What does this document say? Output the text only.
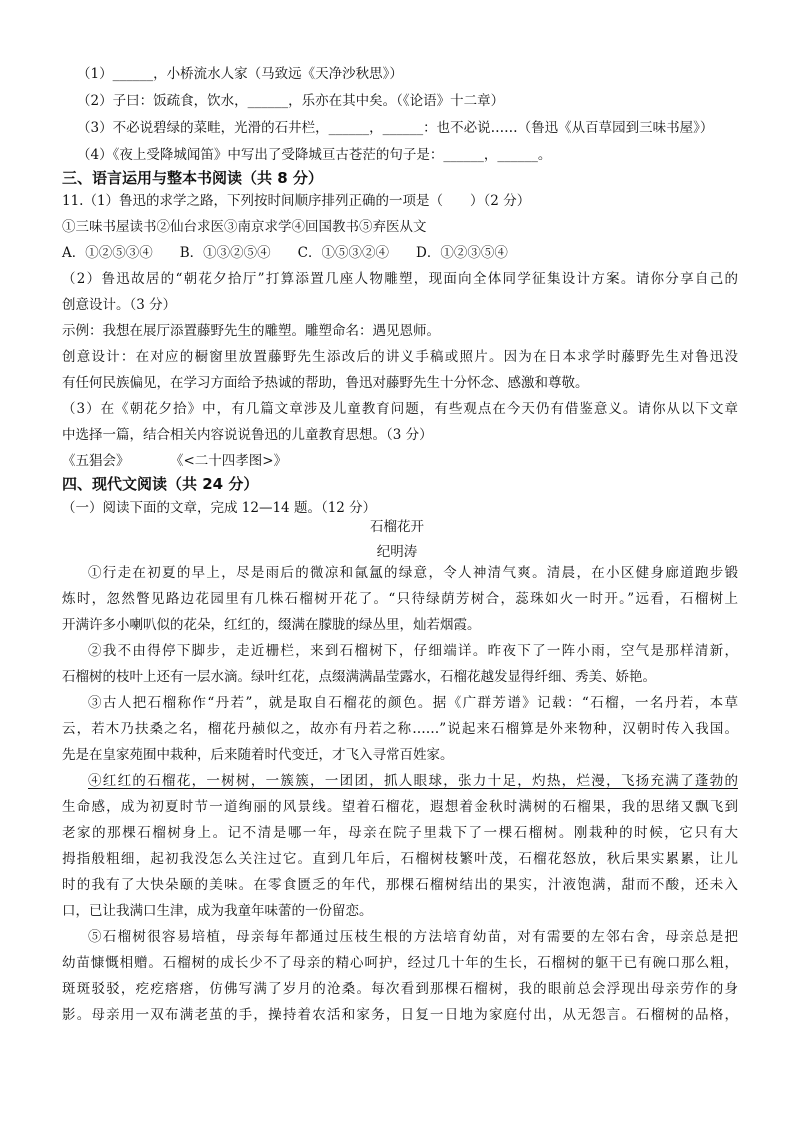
（1）______，小桥流水人家（马致远《天净沙秋思》）
（2）子曰：饭疏食，饮水，______，乐亦在其中矣。（《论语》十二章）
（3）不必说碧绿的菜畦，光滑的石井栏，______，______：也不必说……（鲁迅《从百草园到三味书屋》）
（4）《夜上受降城闻笛》中写出了受降城亘古苍茫的句子是：______，______。
三、语言运用与整本书阅读（共 8 分）
11.（1）鲁迅的求学之路，下列按时间顺序排列正确的一项是（　　）（2 分）
①三味书屋读书②仙台求医③南京求学④回国教书⑤弃医从文
A．①②⑤③④　　B．①③②⑤④　　C．①⑤③②④　　D．①②③⑤④
（2）鲁迅故居的“朝花夕拾厅”打算添置几座人物雕塑，现面向全体同学征集设计方案。请你分享自己的
创意设计。（3 分）
示例：我想在展厅添置藤野先生的雕塑。雕塑命名：遇见恩师。
创意设计：在对应的橱窗里放置藤野先生添改后的讲义手稿或照片。因为在日本求学时藤野先生对鲁迅没
有任何民族偏见，在学习方面给予热诚的帮助，鲁迅对藤野先生十分怀念、感激和尊敬。
（3）在《朝花夕拾》中，有几篇文章涉及儿童教育问题，有些观点在今天仍有借鉴意义。请你从以下文章
中选择一篇，结合相关内容说说鲁迅的儿童教育思想。（3 分）
《五猖会》　　　　《<二十四孝图>》
四、现代文阅读（共 24 分）
（一）阅读下面的文章，完成 12—14 题。（12 分）
①行走在初夏的早上，尽是雨后的微凉和氤氲的绿意，令人神清气爽。清晨，在小区健身廊道跑步锻
炼时，忽然瞥见路边花园里有几株石榴树开花了。“只待绿荫芳树合，蕊珠如火一时开。”远看，石榴树上
开满许多小喇叭似的花朵，红红的，缀满在朦胧的绿丛里，灿若烟霞。
②我不由得停下脚步，走近栅栏，来到石榴树下，仔细端详。昨夜下了一阵小雨，空气是那样清新，
石榴树的枝叶上还有一层水滴。绿叶红花，点缀满满晶莹露水，石榴花越发显得纤细、秀美、娇艳。
③古人把石榴称作“丹若”，就是取自石榴花的颜色。据《广群芳谱》记载：“石榴，一名丹若，本草
云，若木乃扶桑之名，榴花丹赪似之，故亦有丹若之称……”说起来石榴算是外来物种，汉朝时传入我国。
先是在皇家苑囿中栽种，后来随着时代变迁，才飞入寻常百姓家。
④红红的石榴花，一树树，一簇簇，一团团，抓人眼球，张力十足，灼热，烂漫，飞扬充满了蓬勃的
生命感，成为初夏时节一道绚丽的风景线。望着石榴花，遐想着金秋时满树的石榴果，我的思绪又飘飞到
老家的那棵石榴树身上。记不清是哪一年，母亲在院子里栽下了一棵石榴树。刚栽种的时候，它只有大
拇指般粗细，起初我没怎么关注过它。直到几年后，石榴树枝繁叶茂，石榴花怒放，秋后果实累累，让儿
时的我有了大快朵颐的美味。在零食匮乏的年代，那棵石榴树结出的果实，汁液饱满，甜而不酸，还未入
口，已让我满口生津，成为我童年味蕾的一份留恋。
⑤石榴树很容易培植，母亲每年都通过压枝生根的方法培育幼苗，对有需要的左邻右舍，母亲总是把
幼苗慷慨相赠。石榴树的成长少不了母亲的精心呵护，经过几十年的生长，石榴树的躯干已有碗口那么粗，
斑斑驳驳，疙疙瘩瘩，仿佛写满了岁月的沧桑。每次看到那棵石榴树，我的眼前总会浮现出母亲劳作的身
影。母亲用一双布满老茧的手，操持着农活和家务，日复一日地为家庭付出，从无怨言。石榴树的品格，
石榴花开
纪明涛
